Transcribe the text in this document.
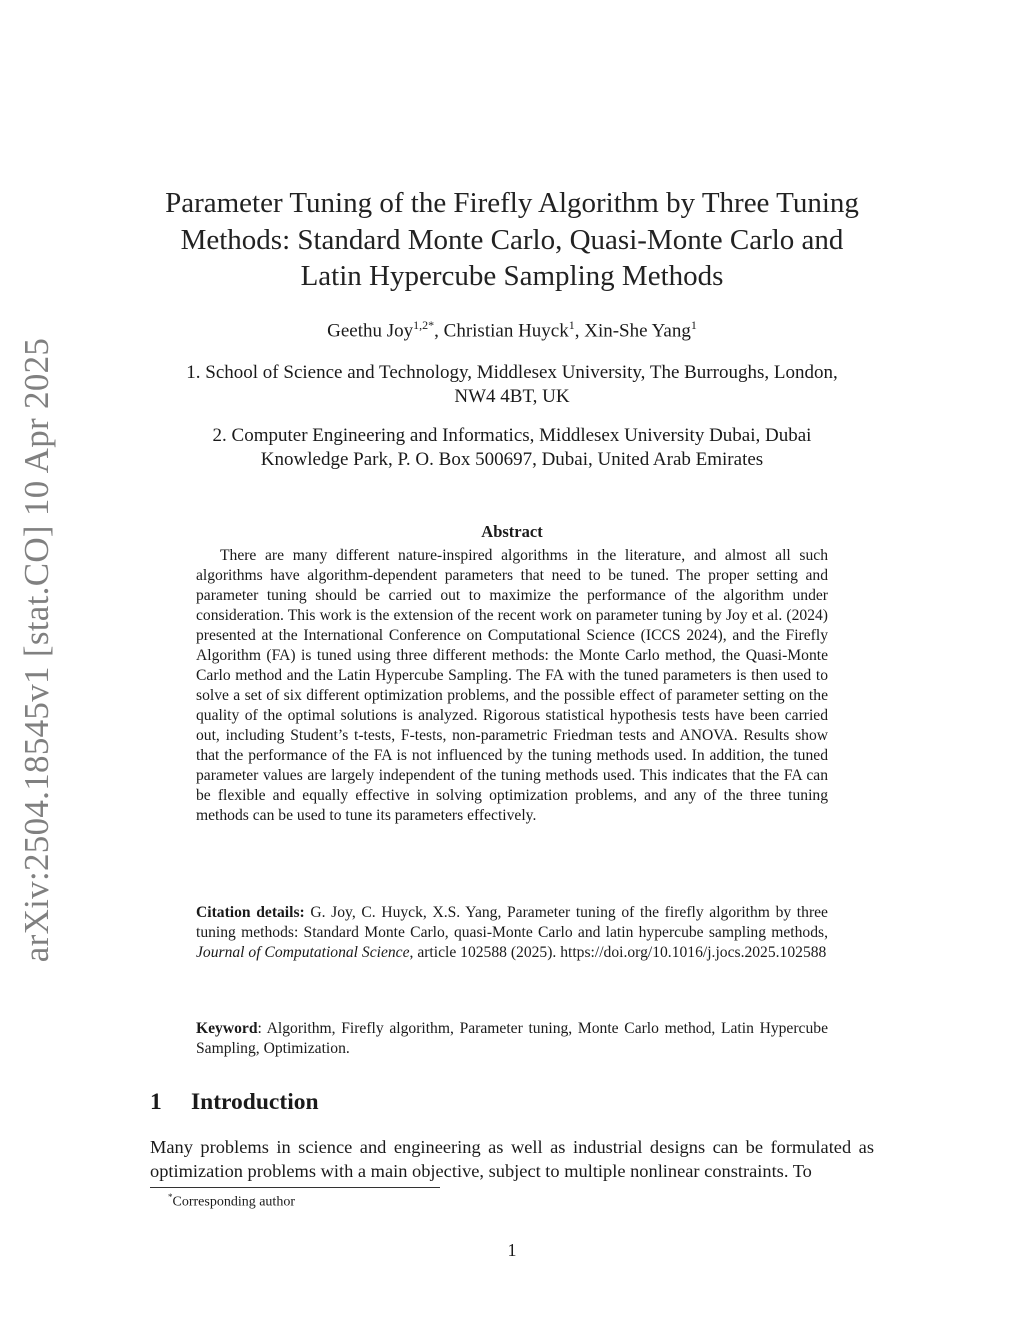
arXiv:2504.18545v1 [stat.CO] 10 Apr 2025
Parameter Tuning of the Firefly Algorithm by Three Tuning
Methods: Standard Monte Carlo, Quasi-Monte Carlo and
Latin Hypercube Sampling Methods
Geethu Joy$^{1,2*}$, Christian Huyck$^1$, Xin-She Yang$^1$
1. School of Science and Technology, Middlesex University, The Burroughs, London,
NW4 4BT, UK
2. Computer Engineering and Informatics, Middlesex University Dubai, Dubai
Knowledge Park, P. O. Box 500697, Dubai, United Arab Emirates
Abstract

There are many different nature-inspired algorithms in the literature, and almost all such algorithms have algorithm-dependent parameters that need to be tuned. The proper setting and parameter tuning should be carried out to maximize the performance of the algorithm under consideration. This work is the extension of the recent work on parameter tuning by Joy et al. (2024) presented at the International Conference on Computational Science (ICCS 2024), and the Firefly Algorithm (FA) is tuned using three different methods: the Monte Carlo method, the Quasi-Monte Carlo method and the Latin Hypercube Sampling. The FA with the tuned parameters is then used to solve a set of six different optimization problems, and the possible effect of parameter setting on the quality of the optimal solutions is analyzed. Rigorous statistical hypothesis tests have been carried out, including Student’s t-tests, F-tests, non-parametric Friedman tests and ANOVA. Results show that the performance of the FA is not influenced by the tuning methods used. In addition, the tuned parameter values are largely independent of the tuning methods used. This indicates that the FA can be flexible and equally effective in solving optimization problems, and any of the three tuning methods can be used to tune its parameters effectively.

Citation details: G. Joy, C. Huyck, X.S. Yang, Parameter tuning of the firefly algorithm by three tuning methods: Standard Monte Carlo, quasi-Monte Carlo and latin hypercube sampling methods, Journal of Computational Science, article 102588 (2025). https://doi.org/10.1016/j.jocs.2025.102588

Keyword: Algorithm, Firefly algorithm, Parameter tuning, Monte Carlo method, Latin Hypercube Sampling, Optimization.

1 Introduction

Many problems in science and engineering as well as industrial designs can be formulated as optimization problems with a main objective, subject to multiple nonlinear constraints. To

*Corresponding author
1
